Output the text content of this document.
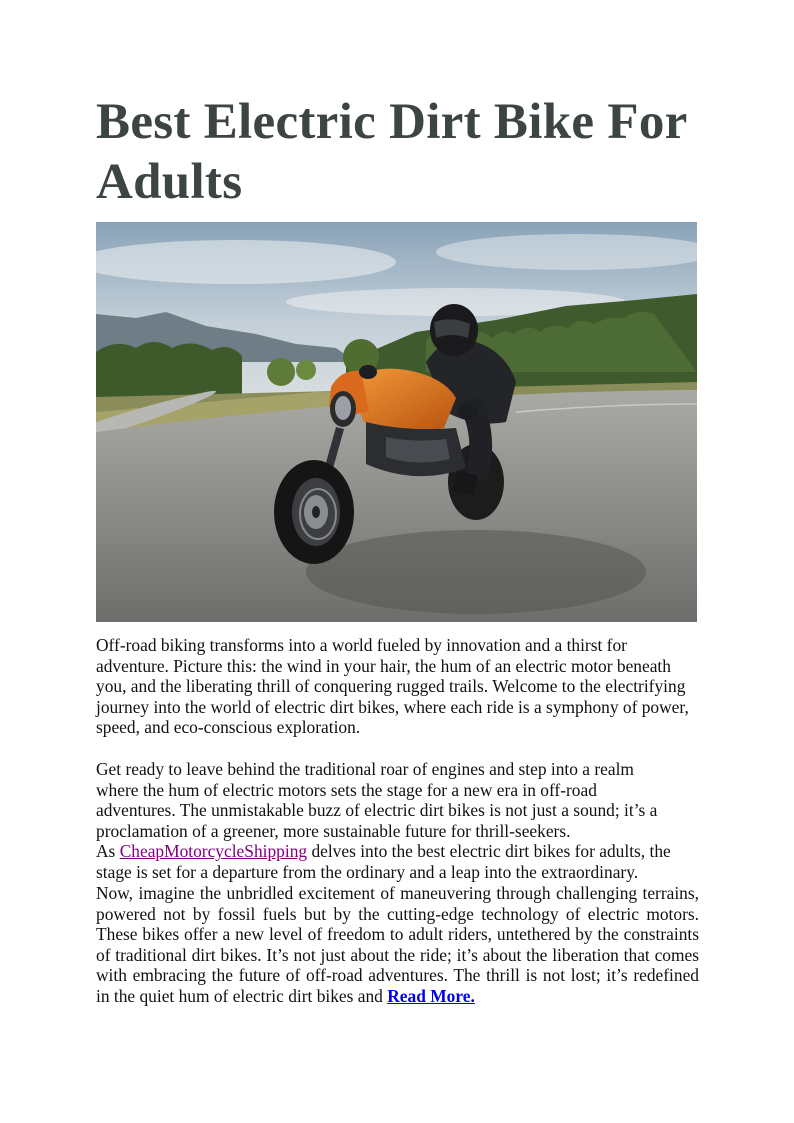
Best Electric Dirt Bike For Adults

Off-road biking transforms into a world fueled by innovation and a thirst for adventure. Picture this: the wind in your hair, the hum of an electric motor beneath you, and the liberating thrill of conquering rugged trails. Welcome to the electrifying journey into the world of electric dirt bikes, where each ride is a symphony of power, speed, and eco-conscious exploration.

Get ready to leave behind the traditional roar of engines and step into a realm
where the hum of electric motors sets the stage for a new era in off-road
adventures. The unmistakable buzz of electric dirt bikes is not just a sound; it’s a
proclamation of a greener, more sustainable future for thrill-seekers.
As CheapMotorcycleShipping delves into the best electric dirt bikes for adults, the
stage is set for a departure from the ordinary and a leap into the extraordinary.

Now, imagine the unbridled excitement of maneuvering through challenging terrains, powered not by fossil fuels but by the cutting-edge technology of electric motors. These bikes offer a new level of freedom to adult riders, untethered by the constraints of traditional dirt bikes. It’s not just about the ride; it’s about the liberation that comes with embracing the future of off-road adventures. The thrill is not lost; it’s redefined in the quiet hum of electric dirt bikes and Read More.
